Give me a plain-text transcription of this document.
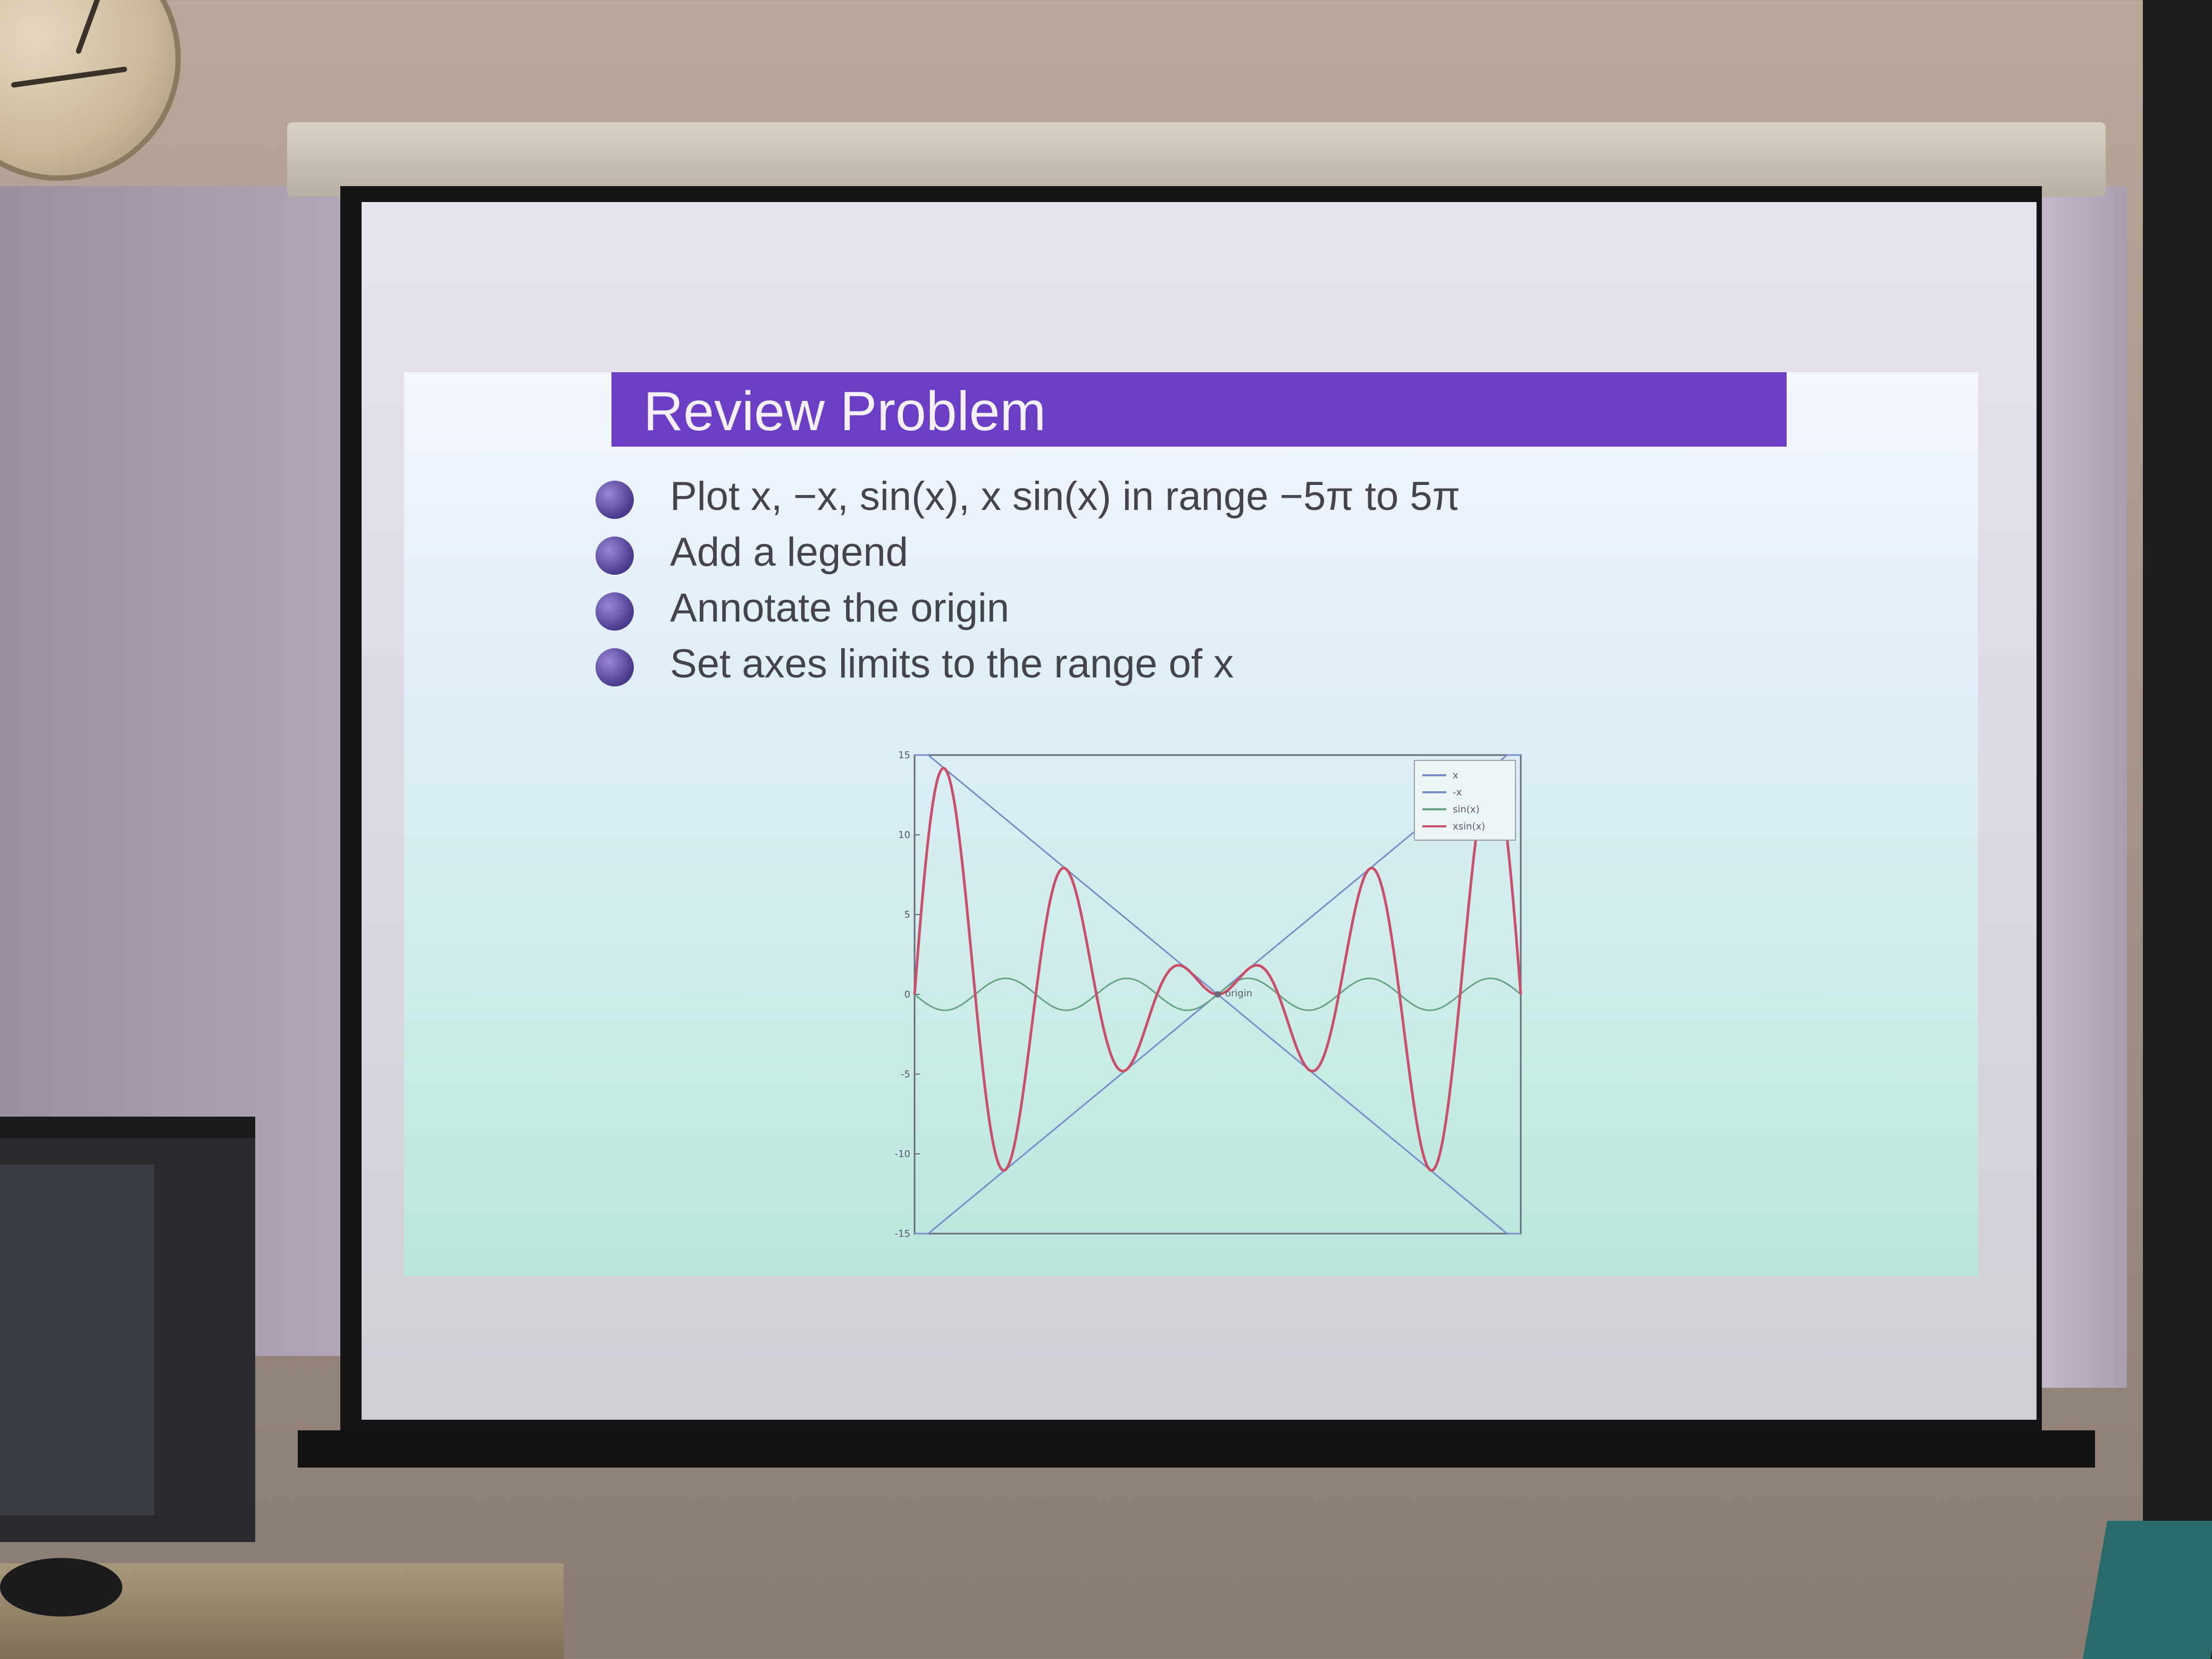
Review Problem
Plot x, −x, sin(x), x sin(x) in range −5π to 5π
Add a legend
Annotate the origin
Set axes limits to the range of x
15
10
5
0
-5
-10
-15
origin
x
-x
sin(x)
xsin(x)
